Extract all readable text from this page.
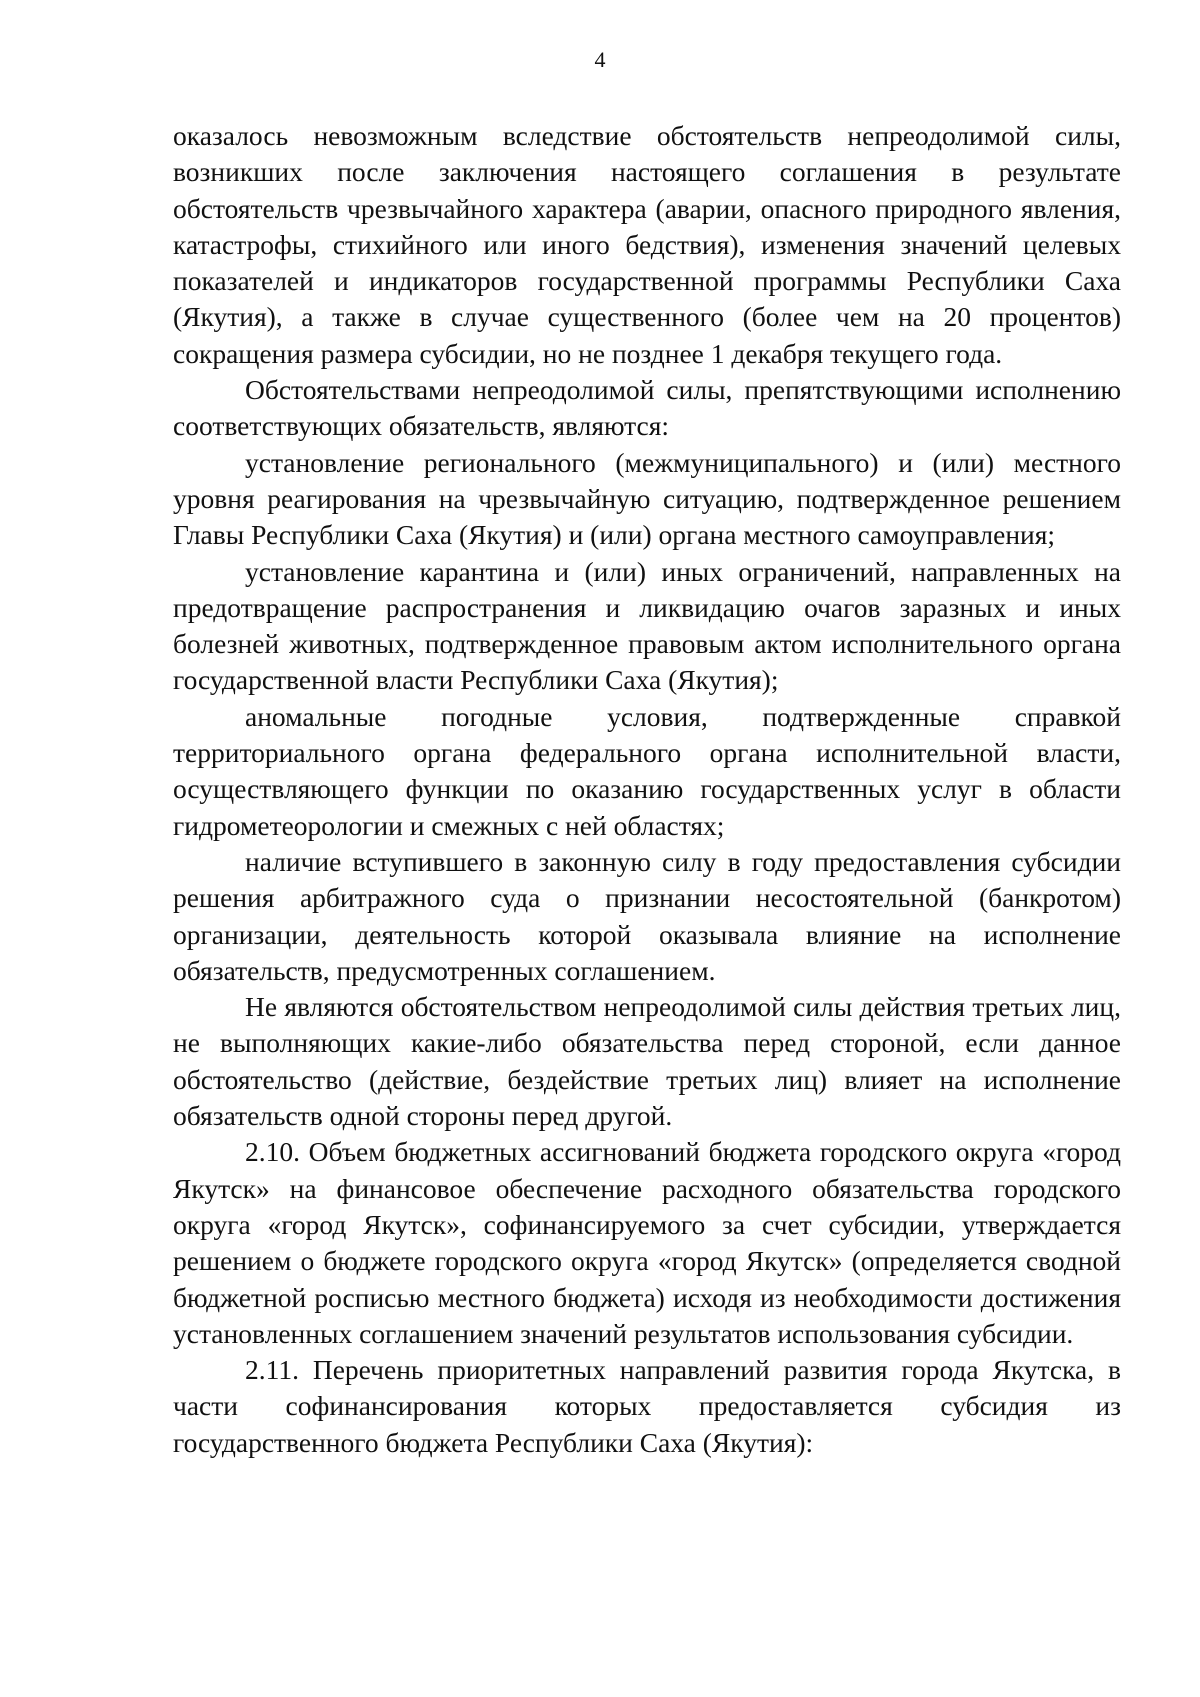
4

оказалось невозможным вследствие обстоятельств непреодолимой силы, возникших после заключения настоящего соглашения в результате обстоятельств чрезвычайного характера (аварии, опасного природного явления, катастрофы, стихийного или иного бедствия), изменения значений целевых показателей и индикаторов государственной программы Республики Саха (Якутия), а также в случае существенного (более чем на 20 процентов) сокращения размера субсидии, но не позднее 1 декабря текущего года.

Обстоятельствами непреодолимой силы, препятствующими исполнению соответствующих обязательств, являются:

установление регионального (межмуниципального) и (или) местного уровня реагирования на чрезвычайную ситуацию, подтвержденное решением Главы Республики Саха (Якутия) и (или) органа местного самоуправления;

установление карантина и (или) иных ограничений, направленных на предотвращение распространения и ликвидацию очагов заразных и иных болезней животных, подтвержденное правовым актом исполнительного органа государственной власти Республики Саха (Якутия);

аномальные погодные условия, подтвержденные справкой территориального органа федерального органа исполнительной власти, осуществляющего функции по оказанию государственных услуг в области гидрометеорологии и смежных с ней областях;

наличие вступившего в законную силу в году предоставления субсидии решения арбитражного суда о признании несостоятельной (банкротом) организации, деятельность которой оказывала влияние на исполнение обязательств, предусмотренных соглашением.

Не являются обстоятельством непреодолимой силы действия третьих лиц, не выполняющих какие-либо обязательства перед стороной, если данное обстоятельство (действие, бездействие третьих лиц) влияет на исполнение обязательств одной стороны перед другой.

2.10. Объем бюджетных ассигнований бюджета городского округа «город Якутск» на финансовое обеспечение расходного обязательства городского округа «город Якутск», софинансируемого за счет субсидии, утверждается решением о бюджете городского округа «город Якутск» (определяется сводной бюджетной росписью местного бюджета) исходя из необходимости достижения установленных соглашением значений результатов использования субсидии.

2.11. Перечень приоритетных направлений развития города Якутска, в части софинансирования которых предоставляется субсидия из государственного бюджета Республики Саха (Якутия):
